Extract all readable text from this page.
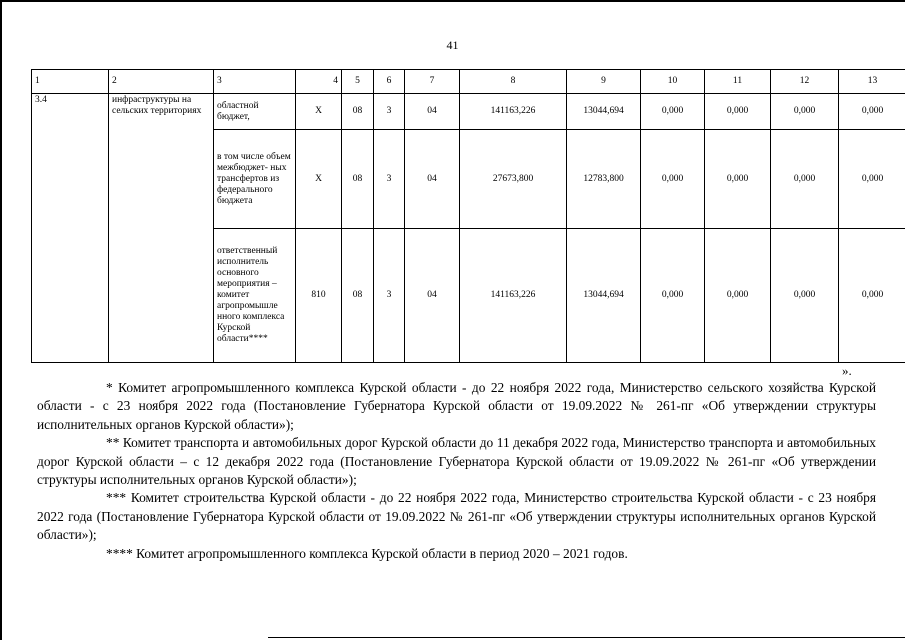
41
1	2	3	4	5	6	7	8	9	10	11	12	13
3.4	инфраструктуры на сельских территориях	областной бюджет,	Х	08	3	04	141163,226	13044,694	0,000	0,000	0,000	0,000
		в том числе объем межбюджет- ных трансфертов из федерального бюджета	Х	08	3	04	27673,800	12783,800	0,000	0,000	0,000	0,000
		ответственный исполнитель основного мероприятия – комитет агропромышле нного комплекса Курской области****	810	08	3	04	141163,226	13044,694	0,000	0,000	0,000	0,000
».

* Комитет агропромышленного комплекса Курской области - до 22 ноября 2022 года, Министерство сельского хозяйства Курской области - с 23 ноября 2022 года (Постановление Губернатора Курской области от 19.09.2022 № 261-пг «Об утверждении структуры исполнительных органов Курской области»);

** Комитет транспорта и автомобильных дорог Курской области до 11 декабря 2022 года, Министерство транспорта и автомобильных дорог Курской области – с 12 декабря 2022 года (Постановление Губернатора Курской области от 19.09.2022 № 261-пг «Об утверждении структуры исполнительных органов Курской области»);

*** Комитет строительства Курской области - до 22 ноября 2022 года, Министерство строительства Курской области - с 23 ноября 2022 года (Постановление Губернатора Курской области от 19.09.2022 № 261-пг «Об утверждении структуры исполнительных органов Курской области»);

**** Комитет агропромышленного комплекса Курской области в период 2020 – 2021 годов.
